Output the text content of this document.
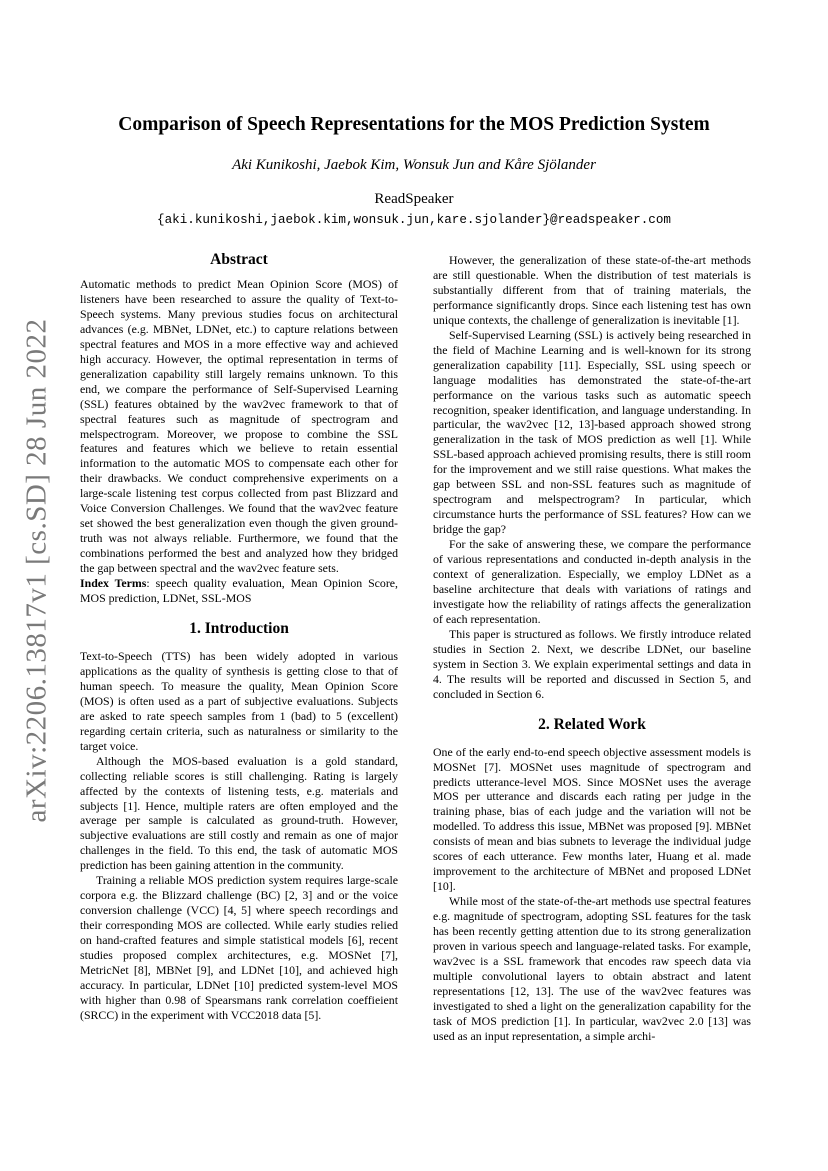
arXiv:2206.13817v1 [cs.SD] 28 Jun 2022
Comparison of Speech Representations for the MOS Prediction System
Aki Kunikoshi, Jaebok Kim, Wonsuk Jun and Kåre Sjölander
ReadSpeaker
{aki.kunikoshi,jaebok.kim,wonsuk.jun,kare.sjolander}@readspeaker.com
Abstract

Automatic methods to predict Mean Opinion Score (MOS) of listeners have been researched to assure the quality of Text-to-Speech systems. Many previous studies focus on architectural advances (e.g. MBNet, LDNet, etc.) to capture relations between spectral features and MOS in a more effective way and achieved high accuracy. However, the optimal representation in terms of generalization capability still largely remains unknown. To this end, we compare the performance of Self-Supervised Learning (SSL) features obtained by the wav2vec framework to that of spectral features such as magnitude of spectrogram and melspectrogram. Moreover, we propose to combine the SSL features and features which we believe to retain essential information to the automatic MOS to compensate each other for their drawbacks. We conduct comprehensive experiments on a large-scale listening test corpus collected from past Blizzard and Voice Conversion Challenges. We found that the wav2vec feature set showed the best generalization even though the given ground-truth was not always reliable. Furthermore, we found that the combinations performed the best and analyzed how they bridged the gap between spectral and the wav2vec feature sets.

Index Terms: speech quality evaluation, Mean Opinion Score, MOS prediction, LDNet, SSL-MOS

1. Introduction

Text-to-Speech (TTS) has been widely adopted in various applications as the quality of synthesis is getting close to that of human speech. To measure the quality, Mean Opinion Score (MOS) is often used as a part of subjective evaluations. Subjects are asked to rate speech samples from 1 (bad) to 5 (excellent) regarding certain criteria, such as naturalness or similarity to the target voice.

Although the MOS-based evaluation is a gold standard, collecting reliable scores is still challenging. Rating is largely affected by the contexts of listening tests, e.g. materials and subjects [1]. Hence, multiple raters are often employed and the average per sample is calculated as ground-truth. However, subjective evaluations are still costly and remain as one of major challenges in the field. To this end, the task of automatic MOS prediction has been gaining attention in the community.

Training a reliable MOS prediction system requires large-scale corpora e.g. the Blizzard challenge (BC) [2, 3] and or the voice conversion challenge (VCC) [4, 5] where speech recordings and their corresponding MOS are collected. While early studies relied on hand-crafted features and simple statistical models [6], recent studies proposed complex architectures, e.g. MOSNet [7], MetricNet [8], MBNet [9], and LDNet [10], and achieved high accuracy. In particular, LDNet [10] predicted system-level MOS with higher than 0.98 of Spearsmans rank correlation coeffieient (SRCC) in the experiment with VCC2018 data [5].

However, the generalization of these state-of-the-art methods are still questionable. When the distribution of test materials is substantially different from that of training materials, the performance significantly drops. Since each listening test has own unique contexts, the challenge of generalization is inevitable [1].

Self-Supervised Learning (SSL) is actively being researched in the field of Machine Learning and is well-known for its strong generalization capability [11]. Especially, SSL using speech or language modalities has demonstrated the state-of-the-art performance on the various tasks such as automatic speech recognition, speaker identification, and language understanding. In particular, the wav2vec [12, 13]-based approach showed strong generalization in the task of MOS prediction as well [1]. While SSL-based approach achieved promising results, there is still room for the improvement and we still raise questions. What makes the gap between SSL and non-SSL features such as magnitude of spectrogram and melspectrogram? In particular, which circumstance hurts the performance of SSL features? How can we bridge the gap?

For the sake of answering these, we compare the performance of various representations and conducted in-depth analysis in the context of generalization. Especially, we employ LDNet as a baseline architecture that deals with variations of ratings and investigate how the reliability of ratings affects the generalization of each representation.

This paper is structured as follows. We firstly introduce related studies in Section 2. Next, we describe LDNet, our baseline system in Section 3. We explain experimental settings and data in 4. The results will be reported and discussed in Section 5, and concluded in Section 6.

2. Related Work

One of the early end-to-end speech objective assessment models is MOSNet [7]. MOSNet uses magnitude of spectrogram and predicts utterance-level MOS. Since MOSNet uses the average MOS per utterance and discards each rating per judge in the training phase, bias of each judge and the variation will not be modelled. To address this issue, MBNet was proposed [9]. MBNet consists of mean and bias subnets to leverage the individual judge scores of each utterance. Few months later, Huang et al. made improvement to the architecture of MBNet and proposed LDNet [10].

While most of the state-of-the-art methods use spectral features e.g. magnitude of spectrogram, adopting SSL features for the task has been recently getting attention due to its strong generalization proven in various speech and language-related tasks. For example, wav2vec is a SSL framework that encodes raw speech data via multiple convolutional layers to obtain abstract and latent representations [12, 13]. The use of the wav2vec features was investigated to shed a light on the generalization capability for the task of MOS prediction [1]. In particular, wav2vec 2.0 [13] was used as an input representation, a simple archi-
